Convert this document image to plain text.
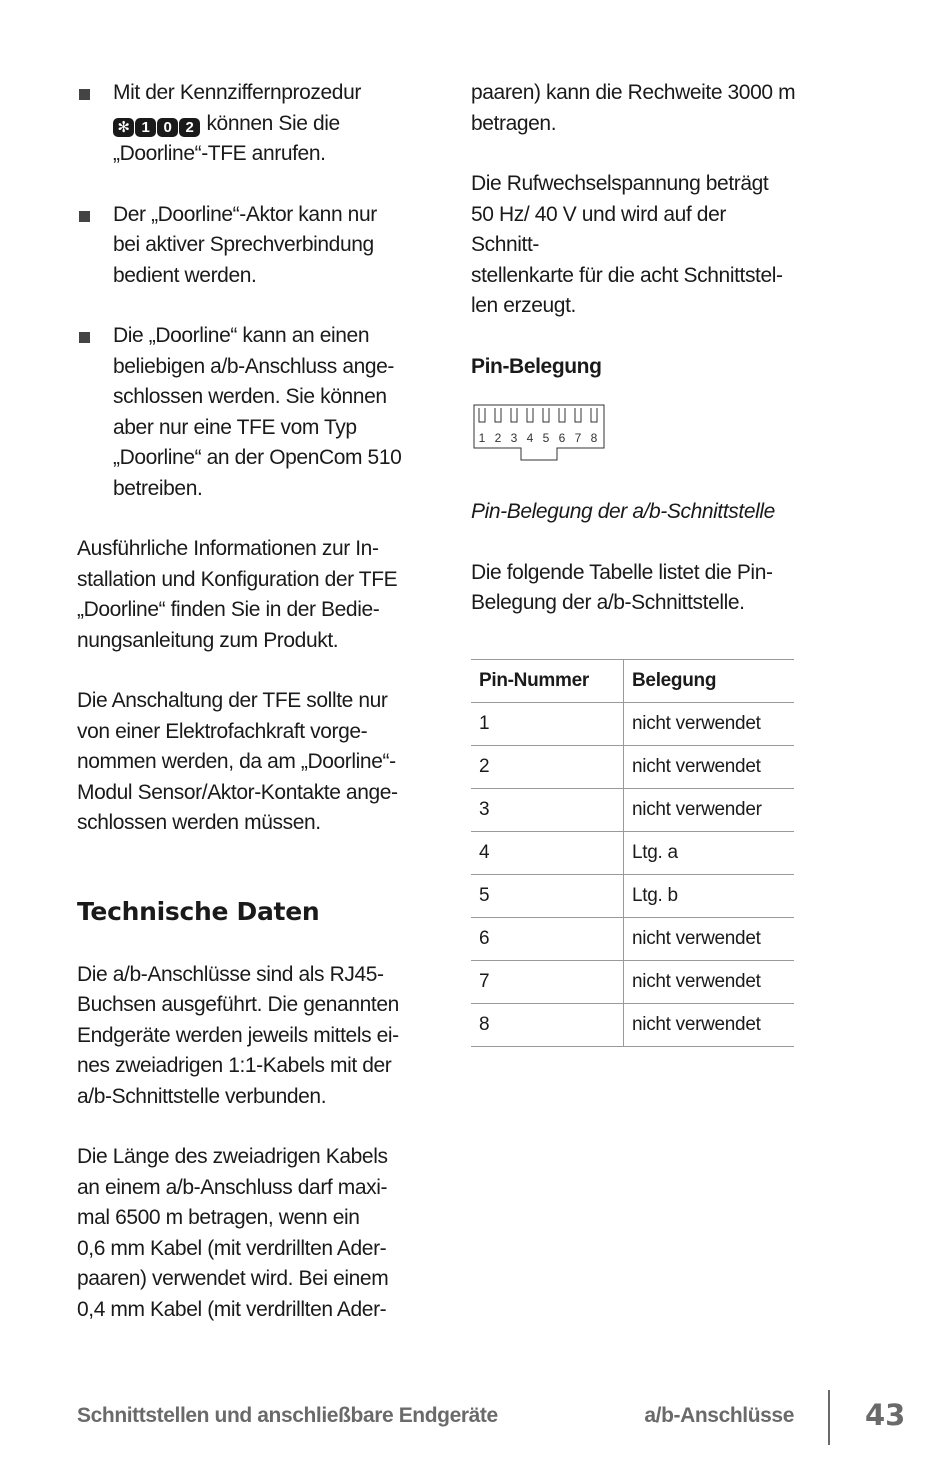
Mit der Kennziffernprozedur

✻ 1 0 2 können Sie die

„Doorline“-TFE anrufen.

Der „Doorline“-Aktor kann nur

bei aktiver Sprechverbindung

bedient werden.

Die „Doorline“ kann an einen

beliebigen a/b-Anschluss ange-

schlossen werden. Sie können

aber nur eine TFE vom Typ

„Doorline“ an der OpenCom 510

betreiben.

Ausführliche Informationen zur In-

stallation und Konfiguration der TFE

„Doorline“ finden Sie in der Bedie-

nungsanleitung zum Produkt.

Die Anschaltung der TFE sollte nur

von einer Elektrofachkraft vorge-

nommen werden, da am „Doorline“-

Modul Sensor/Aktor-Kontakte ange-

schlossen werden müssen.

Technische Daten

Die a/b-Anschlüsse sind als RJ45-

Buchsen ausgeführt. Die genannten

Endgeräte werden jeweils mittels ei-

nes zweiadrigen 1:1-Kabels mit der

a/b-Schnittstelle verbunden.

Die Länge des zweiadrigen Kabels

an einem a/b-Anschluss darf maxi-

mal 6500 m betragen, wenn ein

0,6 mm Kabel (mit verdrillten Ader-

paaren) verwendet wird. Bei einem

0,4 mm Kabel (mit verdrillten Ader-

paaren) kann die Rechweite 3000 m

betragen.

Die Rufwechselspannung beträgt

50 Hz/ 40 V und wird auf der Schnitt-

stellenkarte für die acht Schnittstel-

len erzeugt.

Pin-Belegung

1 2 3 4 5 6 7 8

Pin-Belegung der a/b-Schnittstelle

Die folgende Tabelle listet die Pin-

Belegung der a/b-Schnittstelle.

Pin-Nummer	Belegung
1	nicht verwendet
2	nicht verwendet
3	nicht verwender
4	Ltg. a
5	Ltg. b
6	nicht verwendet
7	nicht verwendet
8	nicht verwendet
Schnittstellen und anschließbare Endgeräte	a/b-Anschlüsse 43
